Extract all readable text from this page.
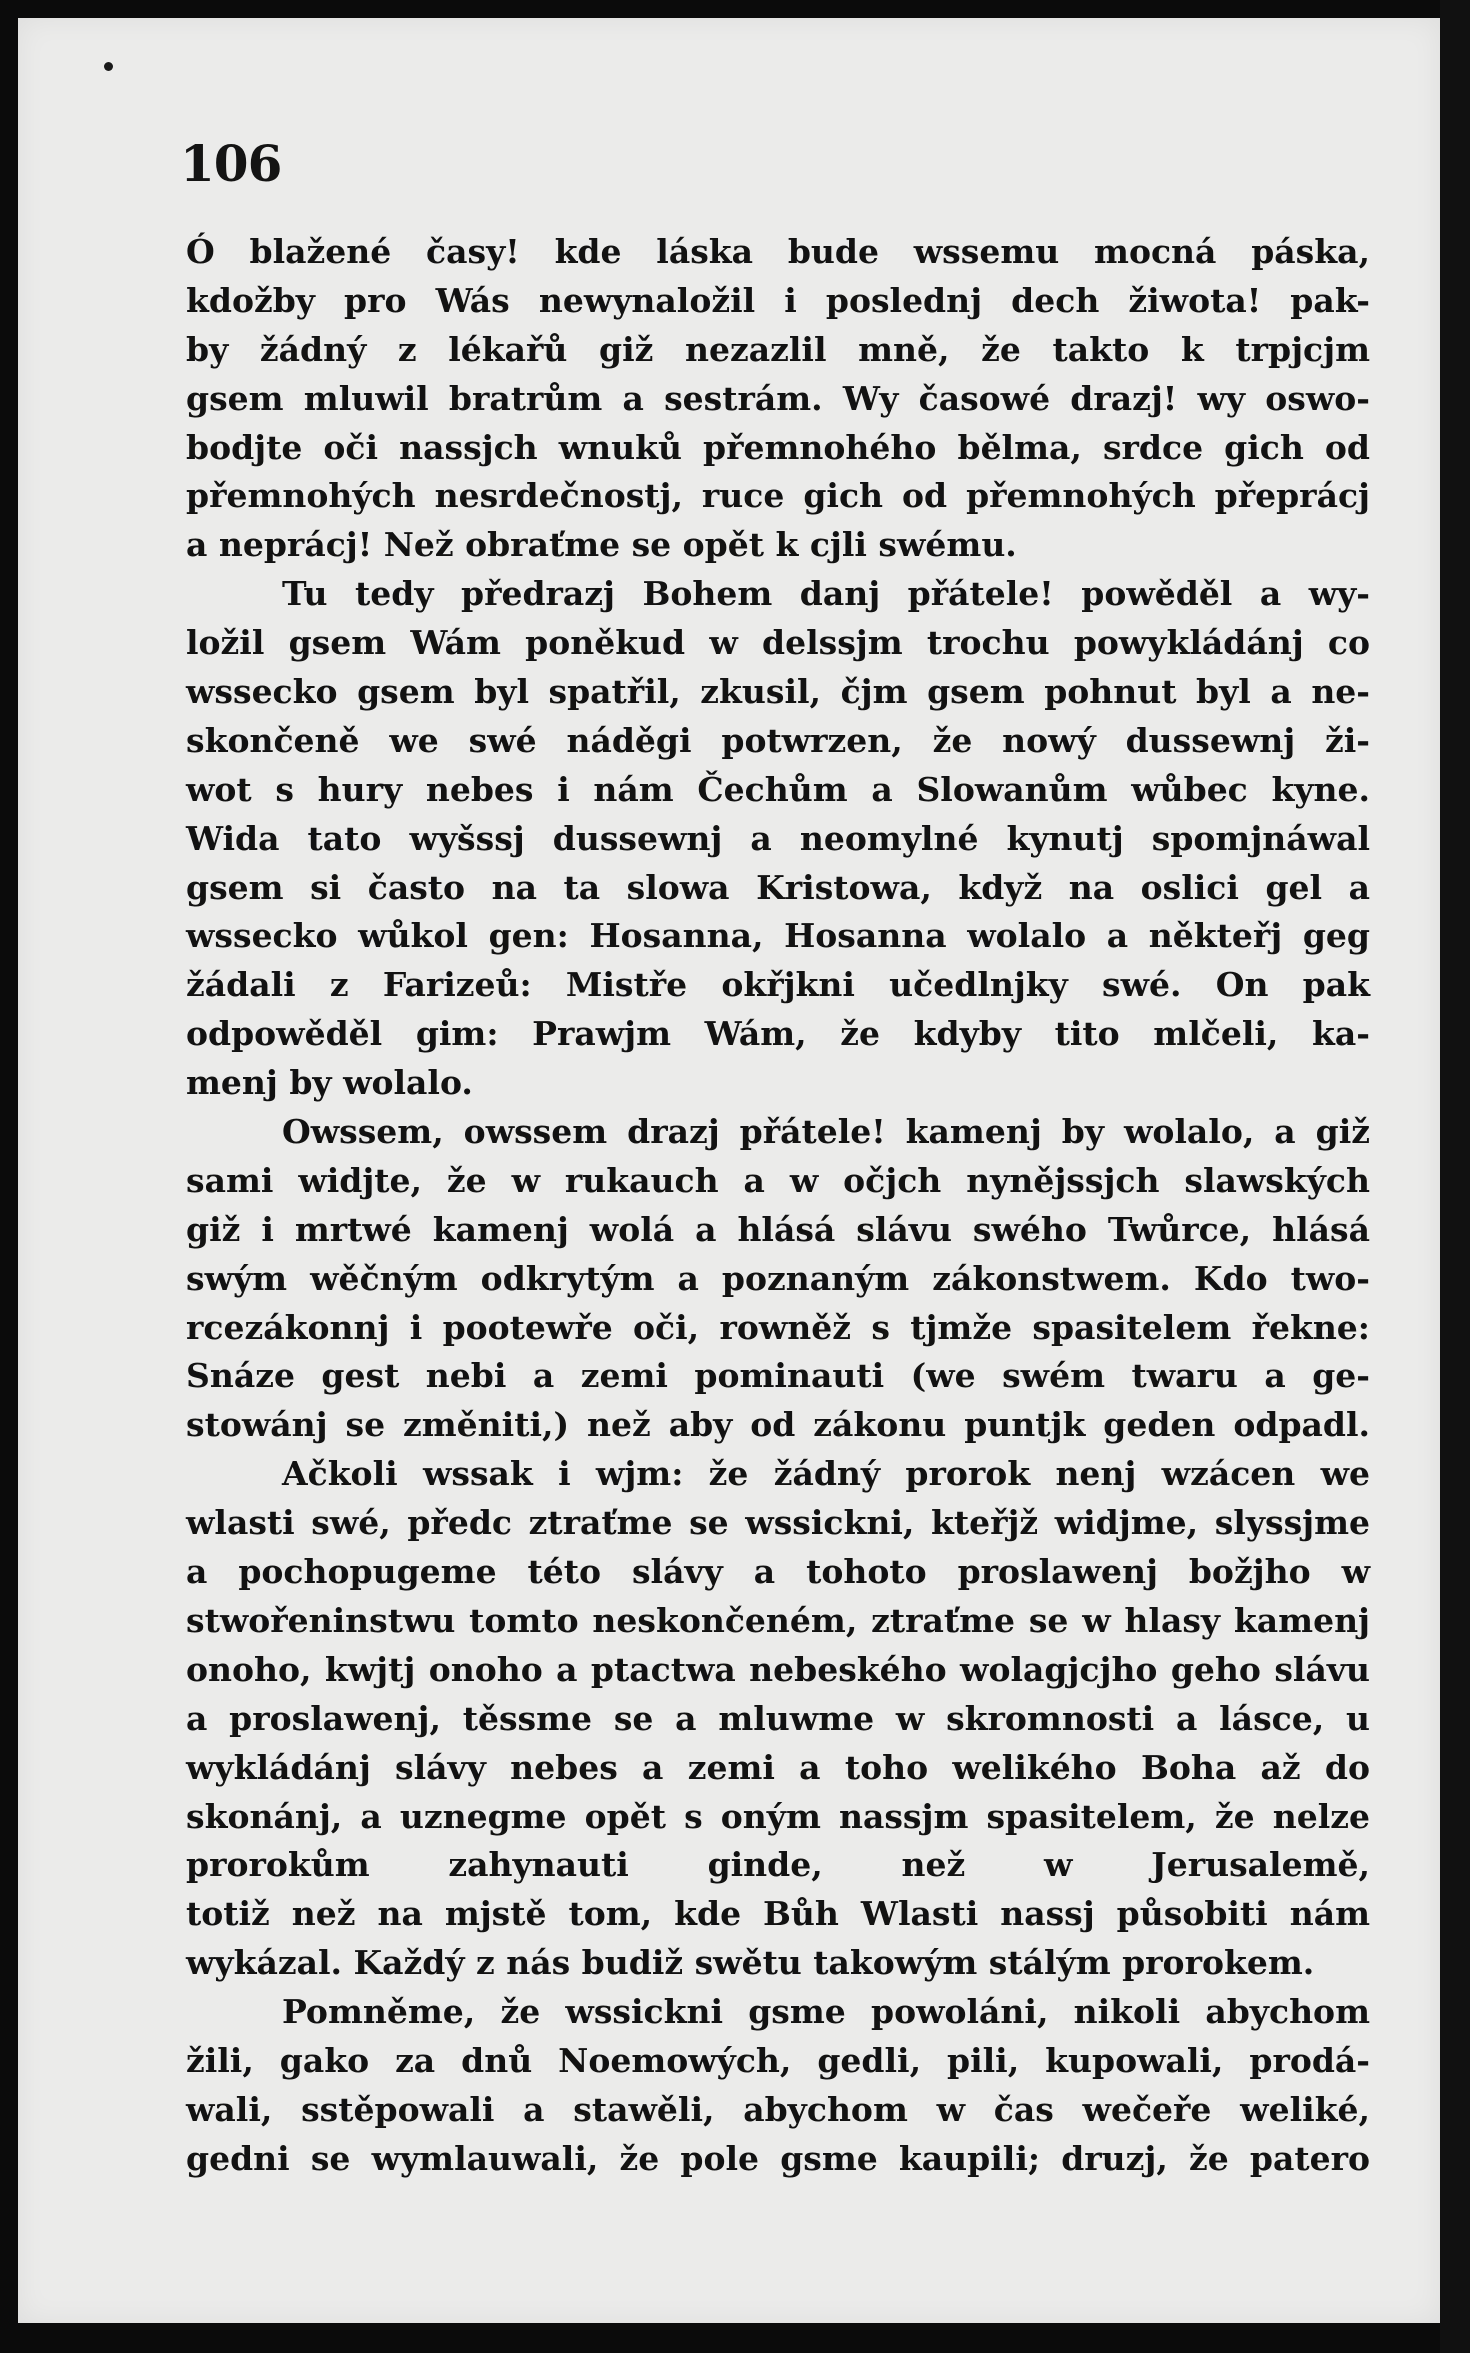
106
Ó blažené časy! kde láska bude wssemu mocná páska,
kdožby pro Wás newynaložil i poslednj dech žiwota! pak-
by žádný z lékařů giž nezazlil mně, že takto k trpjcjm
gsem mluwil bratrům a sestrám. Wy časowé drazj! wy oswo-
bodjte oči nassjch wnuků přemnohého bělma, srdce gich od
přemnohých nesrdečnostj, ruce gich od přemnohých přeprácj
a neprácj! Než obraťme se opět k cjli swému.
Tu tedy předrazj Bohem danj přátele! powěděl a wy-
ložil gsem Wám poněkud w delssjm trochu powykládánj co
wssecko gsem byl spatřil, zkusil, čjm gsem pohnut byl a ne-
skončeně we swé náděgi potwrzen, že nowý dussewnj ži-
wot s hury nebes i nám Čechům a Slowanům wůbec kyne.
Wida tato wyšssj dussewnj a neomylné kynutj spomjnáwal
gsem si často na ta slowa Kristowa, když na oslici gel a
wssecko wůkol gen: Hosanna, Hosanna wolalo a někteřj geg
žádali z Farizeů: Mistře okřjkni učedlnjky swé. On pak
odpowěděl gim: Prawjm Wám, že kdyby tito mlčeli, ka-
menj by wolalo.
Owssem, owssem drazj přátele! kamenj by wolalo, a giž
sami widjte, že w rukauch a w očjch nynějssjch slawských
giž i mrtwé kamenj wolá a hlásá slávu swého Twůrce, hlásá
swým wěčným odkrytým a poznaným zákonstwem. Kdo two-
rcezákonnj i pootewře oči, rowněž s tjmže spasitelem řekne:
Snáze gest nebi a zemi pominauti (we swém twaru a ge-
stowánj se změniti,) než aby od zákonu puntjk geden odpadl.
Ačkoli wssak i wjm: že žádný prorok nenj wzácen we
wlasti swé, předc ztraťme se wssickni, kteřjž widjme, slyssjme
a pochopugeme této slávy a tohoto proslawenj božjho w
stwořeninstwu tomto neskončeném, ztraťme se w hlasy kamenj
onoho, kwjtj onoho a ptactwa nebeského wolagjcjho geho slávu
a proslawenj, těssme se a mluwme w skromnosti a lásce, u
wykládánj slávy nebes a zemi a toho welikého Boha až do
skonánj, a uznegme opět s oným nassjm spasitelem, že nelze
prorokům zahynauti ginde, než w Jerusalemě,
totiž než na mjstě tom, kde Bůh Wlasti nassj působiti nám
wykázal. Každý z nás budiž swětu takowým stálým prorokem.
Pomněme, že wssickni gsme powoláni, nikoli abychom
žili, gako za dnů Noemowých, gedli, pili, kupowali, prodá-
wali, sstěpowali a stawěli, abychom w čas wečeře weliké,
gedni se wymlauwali, že pole gsme kaupili; druzj, že patero
